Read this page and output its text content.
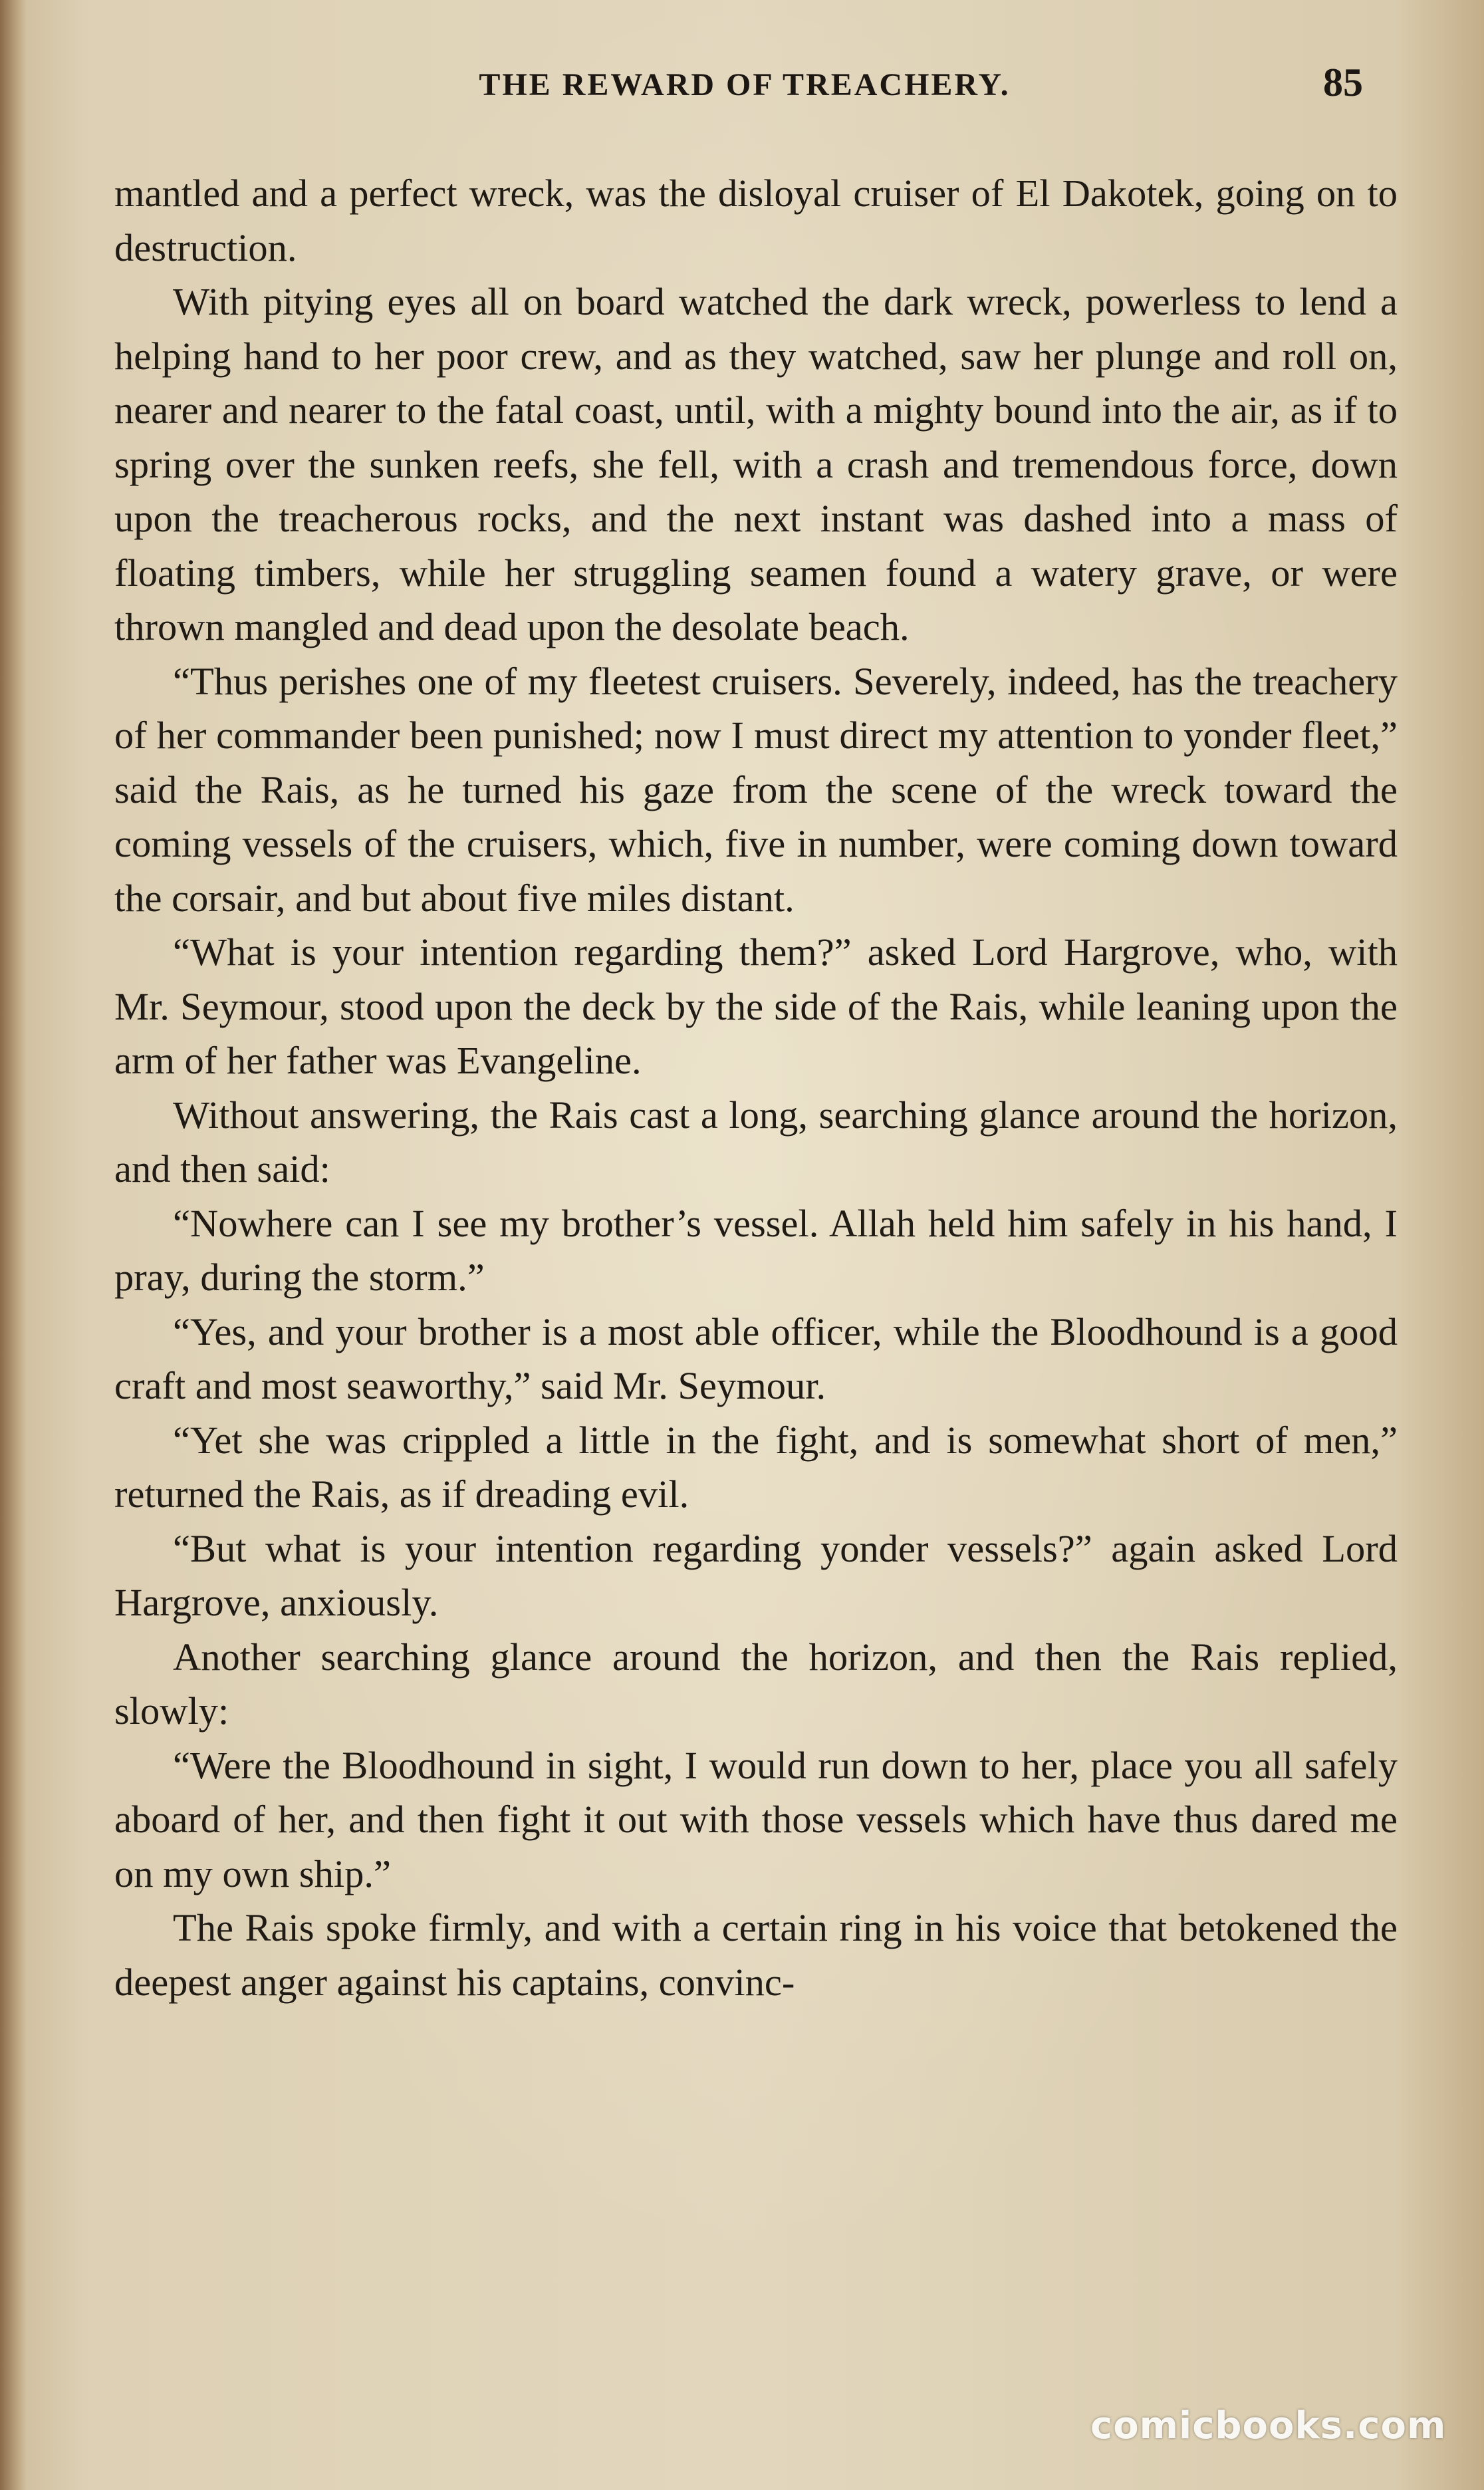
THE REWARD OF TREACHERY.	85

mantled and a perfect wreck, was the disloyal cruiser of El Dakotek, going on to destruction.

With pitying eyes all on board watched the dark wreck, powerless to lend a helping hand to her poor crew, and as they watched, saw her plunge and roll on, nearer and nearer to the fatal coast, until, with a mighty bound into the air, as if to spring over the sunken reefs, she fell, with a crash and tremendous force, down upon the treacherous rocks, and the next instant was dashed into a mass of floating timbers, while her struggling seamen found a watery grave, or were thrown mangled and dead upon the desolate beach.

“Thus perishes one of my fleetest cruisers. Severely, indeed, has the treachery of her commander been punished; now I must direct my attention to yonder fleet,” said the Rais, as he turned his gaze from the scene of the wreck toward the coming vessels of the cruisers, which, five in number, were coming down toward the corsair, and but about five miles distant.

“What is your intention regarding them?” asked Lord Hargrove, who, with Mr. Seymour, stood upon the deck by the side of the Rais, while leaning upon the arm of her father was Evangeline.

Without answering, the Rais cast a long, searching glance around the horizon, and then said:

“Nowhere can I see my brother’s vessel. Allah held him safely in his hand, I pray, during the storm.”

“Yes, and your brother is a most able officer, while the Bloodhound is a good craft and most seaworthy,” said Mr. Seymour.

“Yet she was crippled a little in the fight, and is somewhat short of men,” returned the Rais, as if dreading evil.

“But what is your intention regarding yonder vessels?” again asked Lord Hargrove, anxiously.

Another searching glance around the horizon, and then the Rais replied, slowly:

“Were the Bloodhound in sight, I would run down to her, place you all safely aboard of her, and then fight it out with those vessels which have thus dared me on my own ship.”

The Rais spoke firmly, and with a certain ring in his voice that betokened the deepest anger against his captains, convinc-

comicbooks.com
